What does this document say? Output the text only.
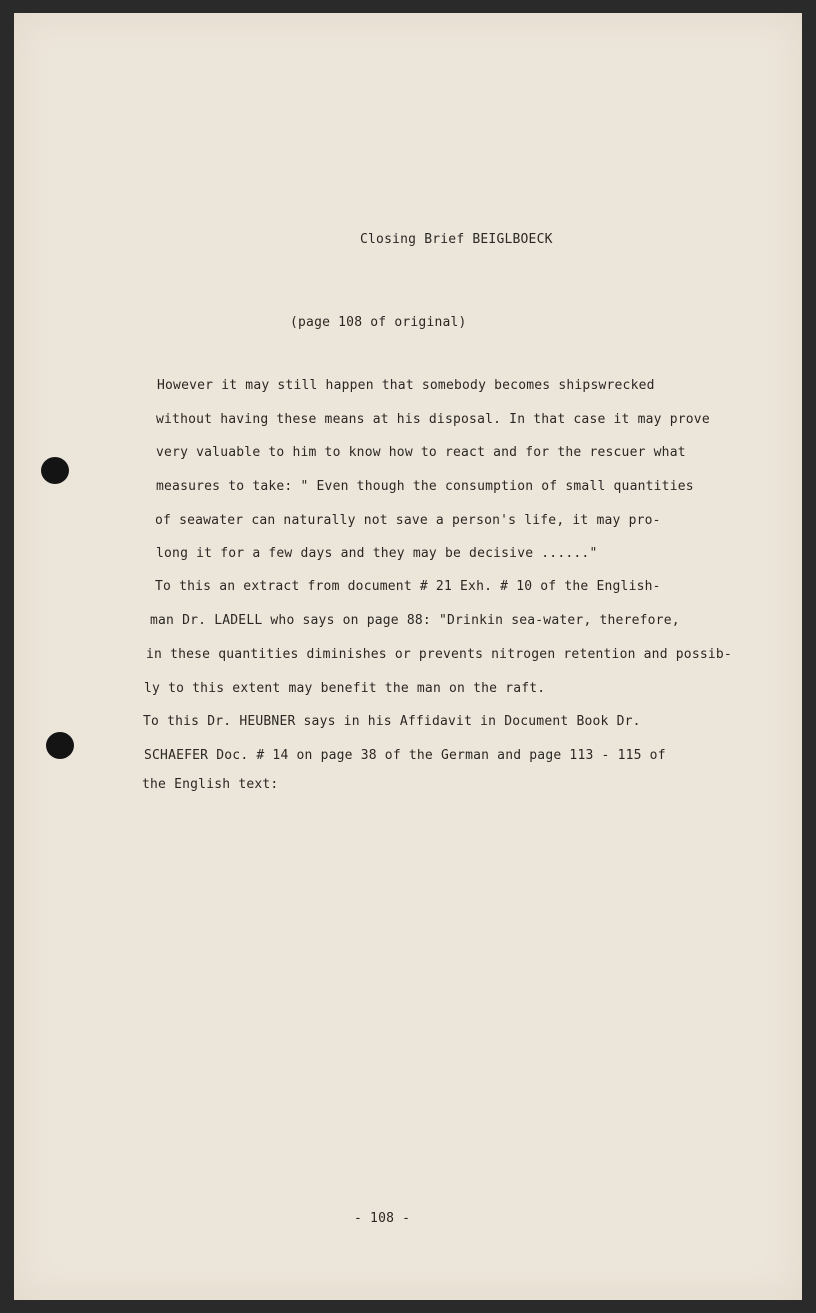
Closing Brief BEIGLBOECK

(page 108 of original)

However it may still happen that somebody becomes shipswrecked

without having these means at his disposal. In that case it may prove

very valuable to him to know how to react and for the rescuer what

measures to take: " Even though the consumption of small quantities

of seawater can naturally not save a person's life, it may pro-

long it for a few days and they may be decisive ......"

To this an extract from document # 21 Exh. # 10 of the English-

man Dr. LADELL who says on page 88: "Drinkin sea-water, therefore,

in these quantities diminishes or prevents nitrogen retention and possib-

ly to this extent may benefit the man on the raft.

To this Dr. HEUBNER says in his Affidavit in Document Book Dr.

SCHAEFER Doc. # 14 on page 38 of the German and page 113 - 115 of

the English text:

- 108 -
